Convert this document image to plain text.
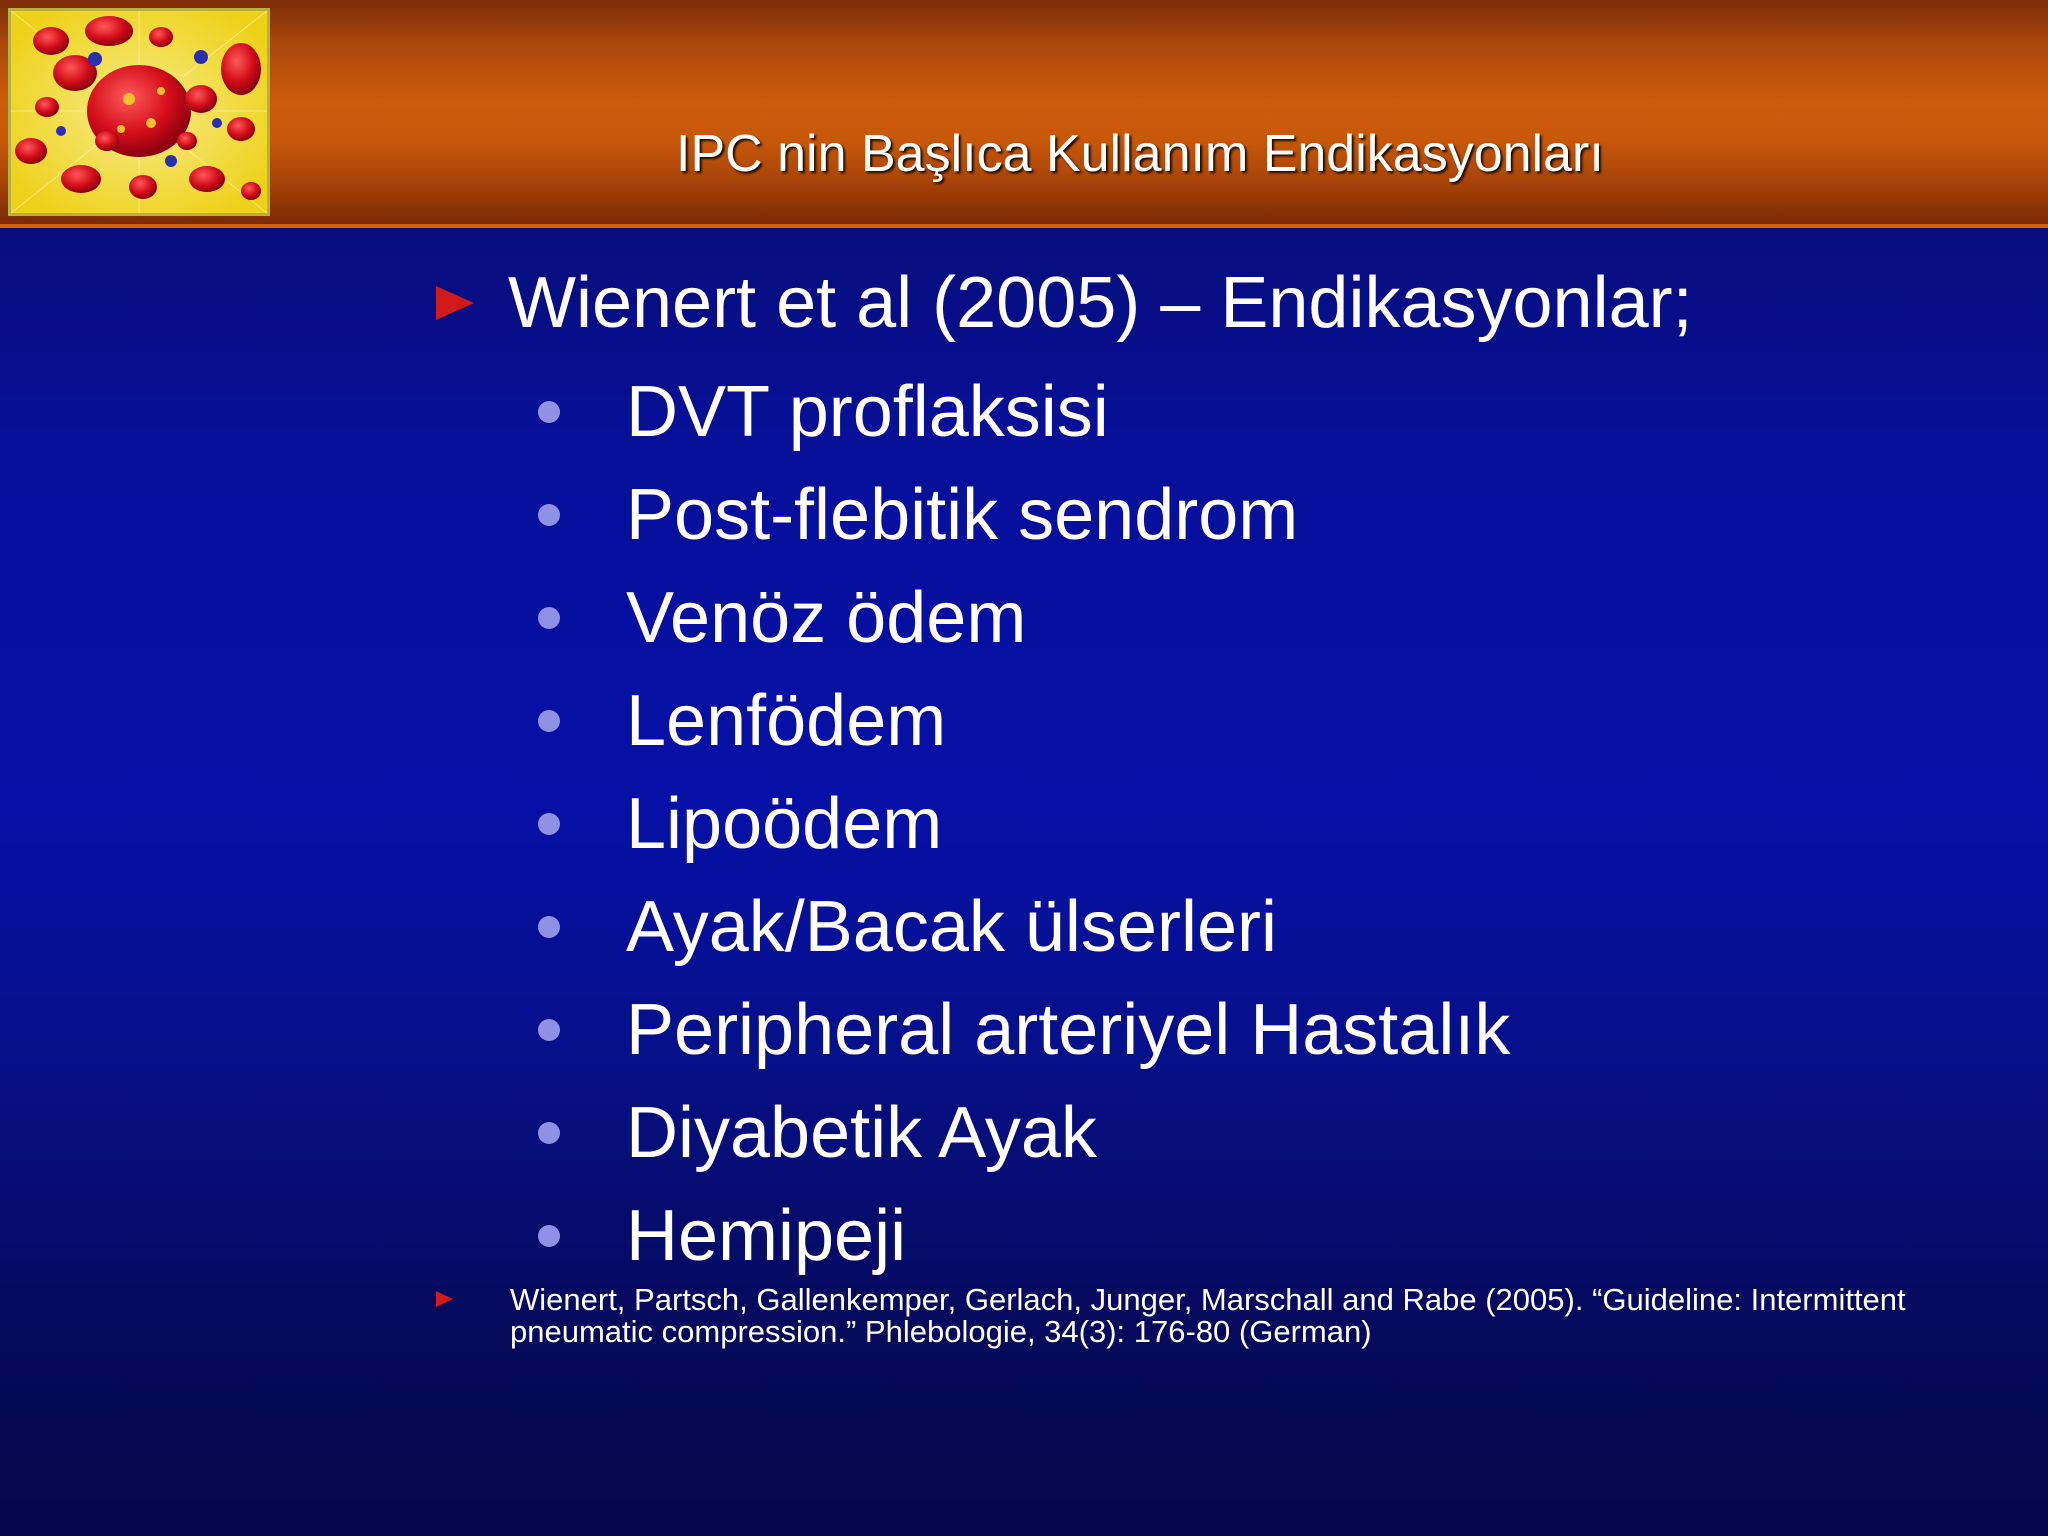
IPC nin Başlıca Kullanım Endikasyonları
Wienert et al (2005) – Endikasyonlar;
DVT proflaksisi
Post-flebitik sendrom
Venöz ödem
Lenfödem
Lipoödem
Ayak/Bacak ülserleri
Peripheral arteriyel Hastalık
Diyabetik Ayak
Hemipeji
Wienert, Partsch, Gallenkemper, Gerlach, Junger, Marschall and Rabe (2005). “Guideline: Intermittent pneumatic compression.” Phlebologie, 34(3): 176-80 (German)
